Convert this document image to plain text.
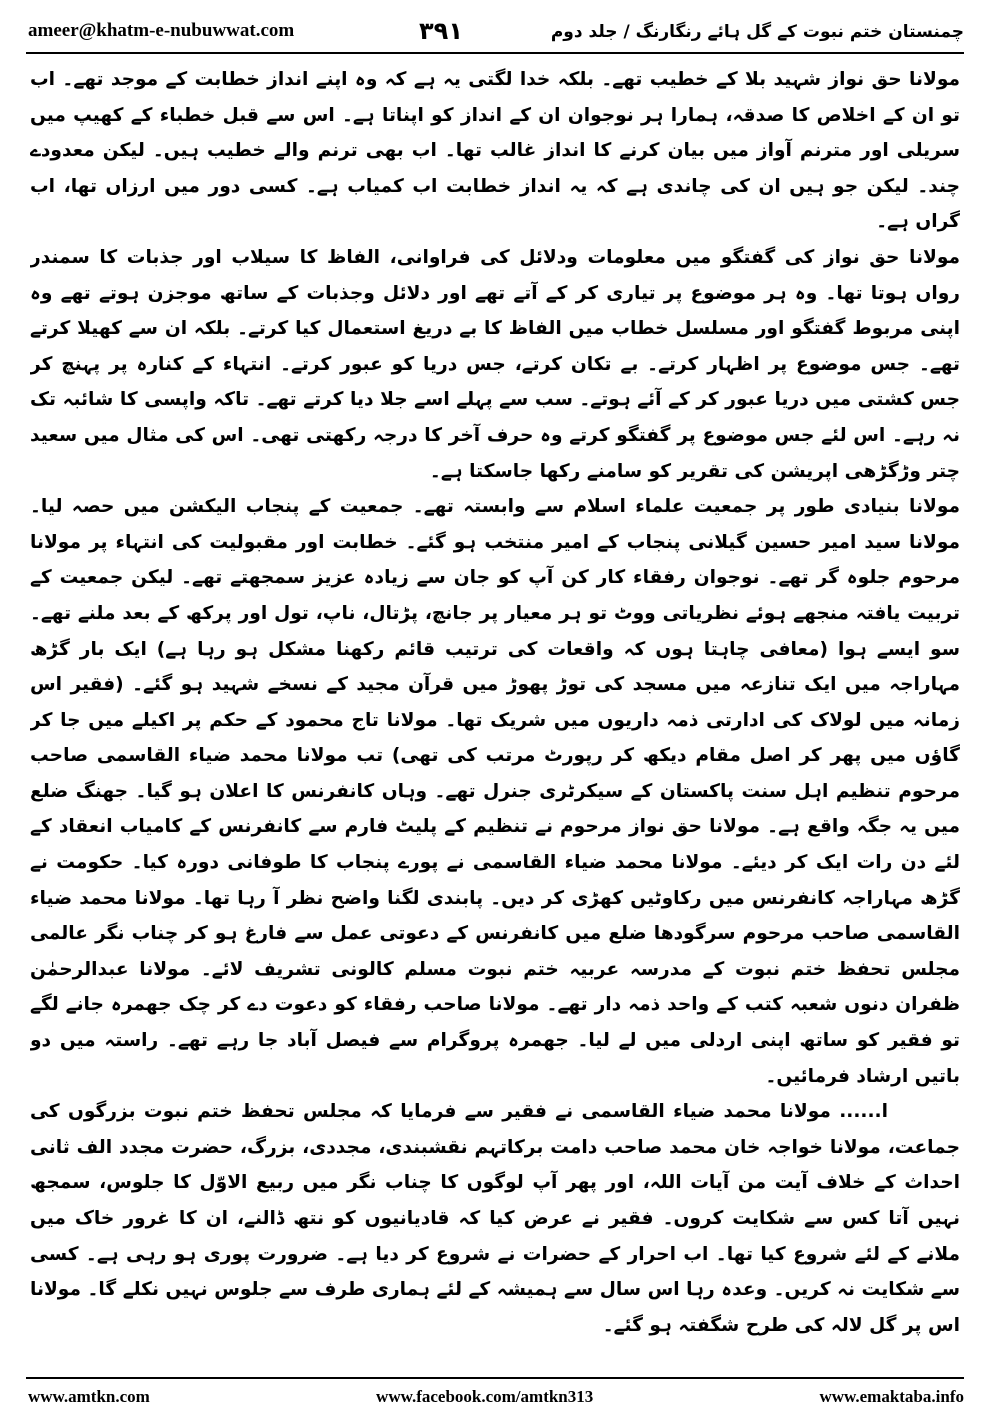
ameer@khatm-e-nubuwwat.com	۳۹۱	چمنستان ختم نبوت کے گل ہائے رنگارنگ / جلد دوم

مولانا حق نواز شہید بلا کے خطیب تھے۔ بلکہ خدا لگتی یہ ہے کہ وہ اپنے انداز خطابت کے موجد تھے۔ اب تو ان کے اخلاص کا صدقہ، ہمارا ہر نوجوان ان کے انداز کو اپناتا ہے۔ اس سے قبل خطباء کے کھیپ میں سریلی اور مترنم آواز میں بیان کرنے کا انداز غالب تھا۔ اب بھی ترنم والے خطیب ہیں۔ لیکن معدودے چند۔ لیکن جو ہیں ان کی چاندی ہے کہ یہ انداز خطابت اب کمیاب ہے۔ کسی دور میں ارزاں تھا، اب گراں ہے۔

مولانا حق نواز کی گفتگو میں معلومات ودلائل کی فراوانی، الفاظ کا سیلاب اور جذبات کا سمندر رواں ہوتا تھا۔ وہ ہر موضوع پر تیاری کر کے آتے تھے اور دلائل وجذبات کے ساتھ موجزن ہوتے تھے وہ اپنی مربوط گفتگو اور مسلسل خطاب میں الفاظ کا بے دریغ استعمال کیا کرتے۔ بلکہ ان سے کھیلا کرتے تھے۔ جس موضوع پر اظہار کرتے۔ بے تکان کرتے، جس دریا کو عبور کرتے۔ انتہاء کے کنارہ پر پہنچ کر جس کشتی میں دریا عبور کر کے آئے ہوتے۔ سب سے پہلے اسے جلا دیا کرتے تھے۔ تاکہ واپسی کا شائبہ تک نہ رہے۔ اس لئے جس موضوع پر گفتگو کرتے وہ حرف آخر کا درجہ رکھتی تھی۔ اس کی مثال میں سعید چتر وڑگڑھی اپریشن کی تقریر کو سامنے رکھا جاسکتا ہے۔

مولانا بنیادی طور پر جمعیت علماء اسلام سے وابستہ تھے۔ جمعیت کے پنجاب الیکشن میں حصہ لیا۔ مولانا سید امیر حسین گیلانی پنجاب کے امیر منتخب ہو گئے۔ خطابت اور مقبولیت کی انتہاء پر مولانا مرحوم جلوہ گر تھے۔ نوجوان رفقاء کار کن آپ کو جان سے زیادہ عزیز سمجھتے تھے۔ لیکن جمعیت کے تربیت یافتہ منجھے ہوئے نظریاتی ووٹ تو ہر معیار پر جانچ، پڑتال، ناپ، تول اور پرکھ کے بعد ملنے تھے۔ سو ایسے ہوا (معافی چاہتا ہوں کہ واقعات کی ترتیب قائم رکھنا مشکل ہو رہا ہے) ایک بار گڑھ مہاراجہ میں ایک تنازعہ میں مسجد کی توڑ پھوڑ میں قرآن مجید کے نسخے شہید ہو گئے۔ (فقیر اس زمانہ میں لولاک کی ادارتی ذمہ داریوں میں شریک تھا۔ مولانا تاج محمود کے حکم پر اکیلے میں جا کر گاؤں میں پھر کر اصل مقام دیکھ کر رپورٹ مرتب کی تھی) تب مولانا محمد ضیاء القاسمی صاحب مرحوم تنظیم اہل سنت پاکستان کے سیکرٹری جنرل تھے۔ وہاں کانفرنس کا اعلان ہو گیا۔ جھنگ ضلع میں یہ جگہ واقع ہے۔ مولانا حق نواز مرحوم نے تنظیم کے پلیٹ فارم سے کانفرنس کے کامیاب انعقاد کے لئے دن رات ایک کر دیئے۔ مولانا محمد ضیاء القاسمی نے پورے پنجاب کا طوفانی دورہ کیا۔ حکومت نے گڑھ مہاراجہ کانفرنس میں رکاوٹیں کھڑی کر دیں۔ پابندی لگنا واضح نظر آ رہا تھا۔ مولانا محمد ضیاء القاسمی صاحب مرحوم سرگودھا ضلع میں کانفرنس کے دعوتی عمل سے فارغ ہو کر چناب نگر عالمی مجلس تحفظ ختم نبوت کے مدرسہ عربیہ ختم نبوت مسلم کالونی تشریف لائے۔ مولانا عبدالرحمٰن ظفران دنوں شعبہ کتب کے واحد ذمہ دار تھے۔ مولانا صاحب رفقاء کو دعوت دے کر چک جھمرہ جانے لگے تو فقیر کو ساتھ اپنی اردلی میں لے لیا۔ جھمرہ پروگرام سے فیصل آباد جا رہے تھے۔ راستہ میں دو باتیں ارشاد فرمائیں۔

ا...... مولانا محمد ضیاء القاسمی نے فقیر سے فرمایا کہ مجلس تحفظ ختم نبوت بزرگوں کی جماعت، مولانا خواجہ خان محمد صاحب دامت برکاتہم نقشبندی، مجددی، بزرگ، حضرت مجدد الف ثانی احداث کے خلاف آیت من آیات اللہ، اور پھر آپ لوگوں کا چناب نگر میں ربیع الاوّل کا جلوس، سمجھ نہیں آتا کس سے شکایت کروں۔ فقیر نے عرض کیا کہ قادیانیوں کو نتھ ڈالنے، ان کا غرور خاک میں ملانے کے لئے شروع کیا تھا۔ اب احرار کے حضرات نے شروع کر دیا ہے۔ ضرورت پوری ہو رہی ہے۔ کسی سے شکایت نہ کریں۔ وعدہ رہا اس سال سے ہمیشہ کے لئے ہماری طرف سے جلوس نہیں نکلے گا۔ مولانا اس پر گل لالہ کی طرح شگفتہ ہو گئے۔

www.amtkn.com	www.facebook.com/amtkn313	www.emaktaba.info
